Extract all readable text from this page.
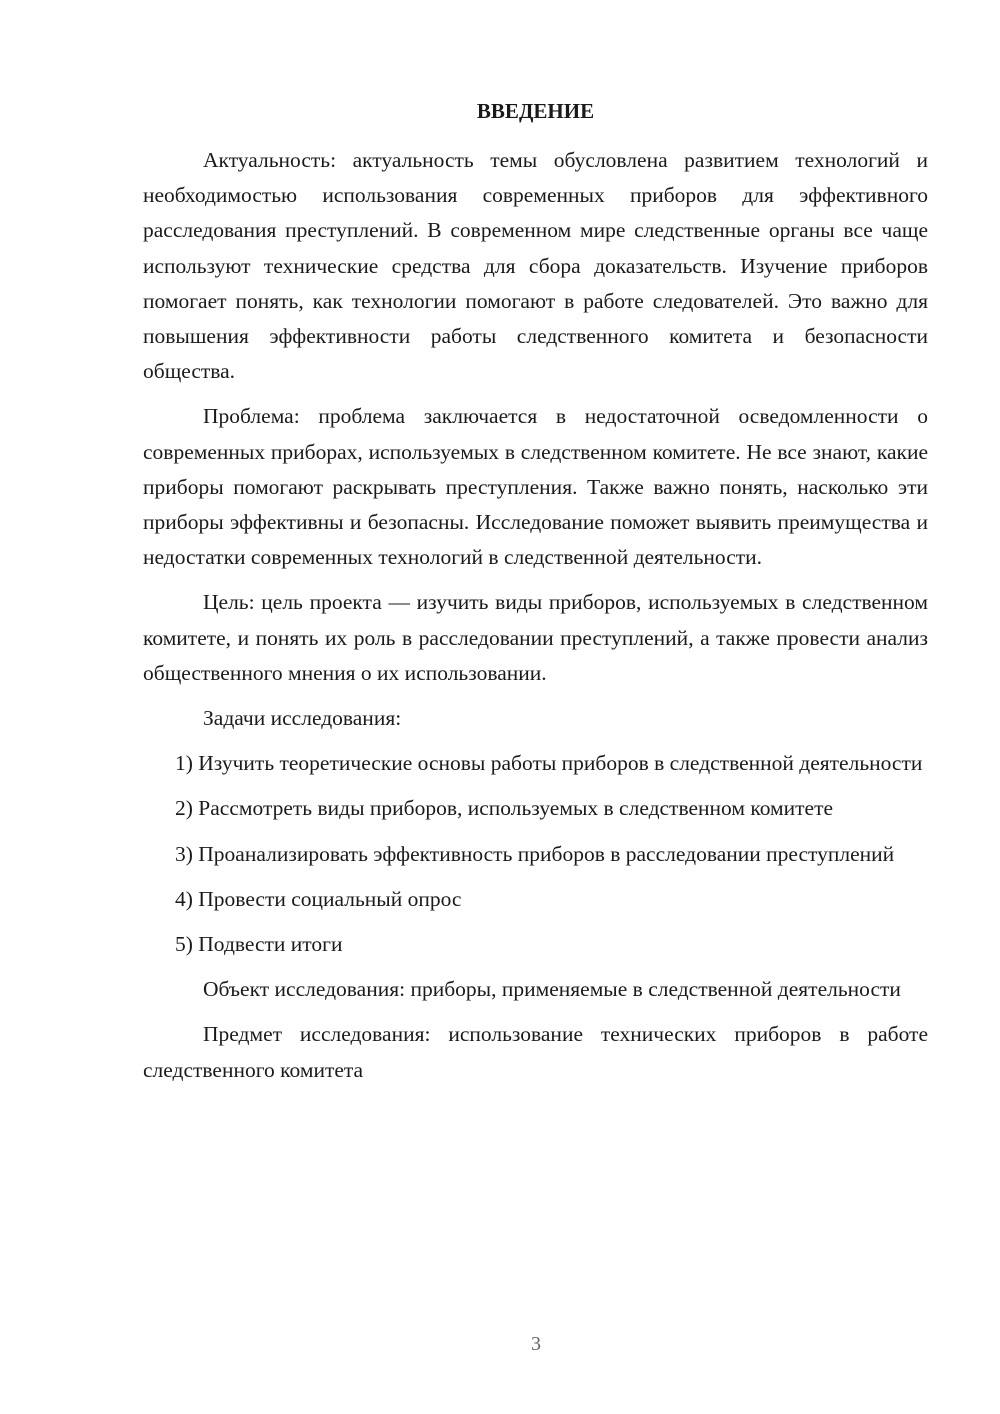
ВВЕДЕНИЕ

Актуальность: актуальность темы обусловлена развитием технологий и необходимостью использования современных приборов для эффективного расследования преступлений. В современном мире следственные органы все чаще используют технические средства для сбора доказательств. Изучение приборов помогает понять, как технологии помогают в работе следователей. Это важно для повышения эффективности работы следственного комитета и безопасности общества.

Проблема: проблема заключается в недостаточной осведомленности о современных приборах, используемых в следственном комитете. Не все знают, какие приборы помогают раскрывать преступления. Также важно понять, насколько эти приборы эффективны и безопасны. Исследование поможет выявить преимущества и недостатки современных технологий в следственной деятельности.

Цель: цель проекта — изучить виды приборов, используемых в следственном комитете, и понять их роль в расследовании преступлений, а также провести анализ общественного мнения о их использовании.

Задачи исследования:

1) Изучить теоретические основы работы приборов в следственной деятельности

2) Рассмотреть виды приборов, используемых в следственном комитете

3) Проанализировать эффективность приборов в расследовании преступлений

4) Провести социальный опрос

5) Подвести итоги

Объект исследования: приборы, применяемые в следственной деятельности

Предмет исследования: использование технических приборов в работе следственного комитета

3
